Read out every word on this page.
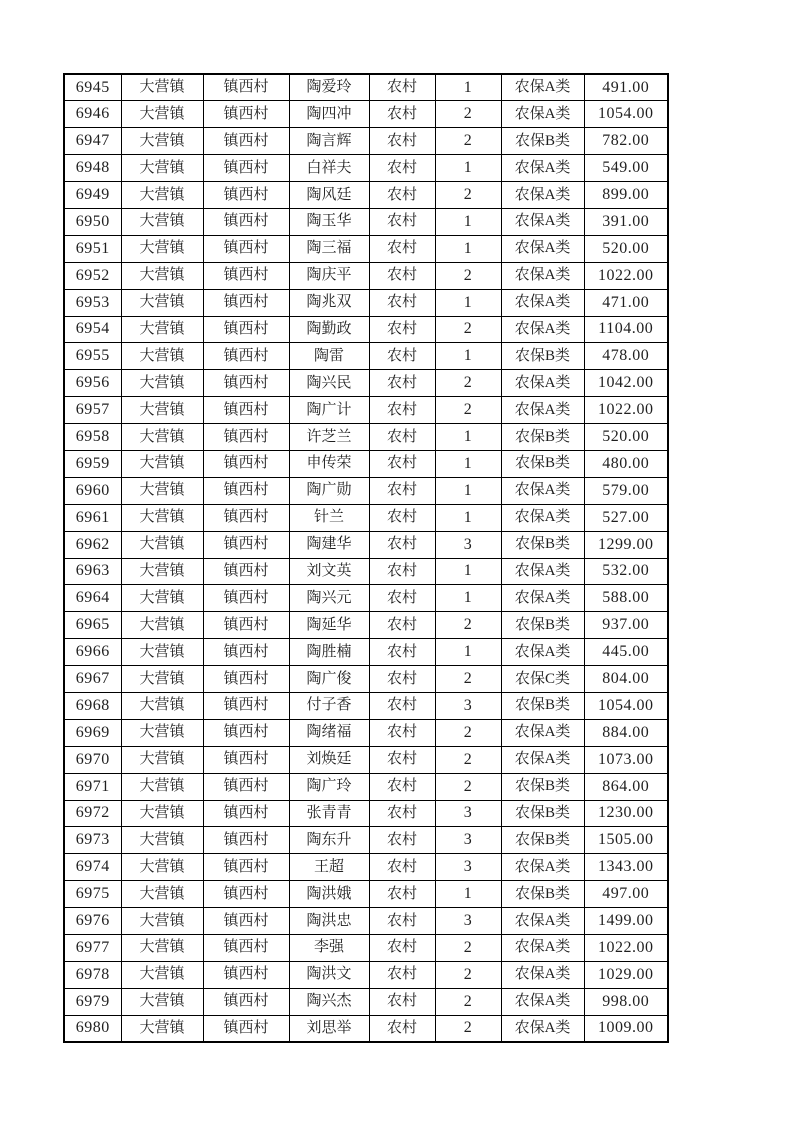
6945	大营镇	镇西村	陶爱玲	农村	1	农保A类	491.00
6946	大营镇	镇西村	陶四冲	农村	2	农保A类	1054.00
6947	大营镇	镇西村	陶言辉	农村	2	农保B类	782.00
6948	大营镇	镇西村	白祥夫	农村	1	农保A类	549.00
6949	大营镇	镇西村	陶风廷	农村	2	农保A类	899.00
6950	大营镇	镇西村	陶玉华	农村	1	农保A类	391.00
6951	大营镇	镇西村	陶三福	农村	1	农保A类	520.00
6952	大营镇	镇西村	陶庆平	农村	2	农保A类	1022.00
6953	大营镇	镇西村	陶兆双	农村	1	农保A类	471.00
6954	大营镇	镇西村	陶勤政	农村	2	农保A类	1104.00
6955	大营镇	镇西村	陶雷	农村	1	农保B类	478.00
6956	大营镇	镇西村	陶兴民	农村	2	农保A类	1042.00
6957	大营镇	镇西村	陶广计	农村	2	农保A类	1022.00
6958	大营镇	镇西村	许芝兰	农村	1	农保B类	520.00
6959	大营镇	镇西村	申传荣	农村	1	农保B类	480.00
6960	大营镇	镇西村	陶广勋	农村	1	农保A类	579.00
6961	大营镇	镇西村	针兰	农村	1	农保A类	527.00
6962	大营镇	镇西村	陶建华	农村	3	农保B类	1299.00
6963	大营镇	镇西村	刘文英	农村	1	农保A类	532.00
6964	大营镇	镇西村	陶兴元	农村	1	农保A类	588.00
6965	大营镇	镇西村	陶延华	农村	2	农保B类	937.00
6966	大营镇	镇西村	陶胜楠	农村	1	农保A类	445.00
6967	大营镇	镇西村	陶广俊	农村	2	农保C类	804.00
6968	大营镇	镇西村	付子香	农村	3	农保B类	1054.00
6969	大营镇	镇西村	陶绪福	农村	2	农保A类	884.00
6970	大营镇	镇西村	刘焕廷	农村	2	农保A类	1073.00
6971	大营镇	镇西村	陶广玲	农村	2	农保B类	864.00
6972	大营镇	镇西村	张青青	农村	3	农保B类	1230.00
6973	大营镇	镇西村	陶东升	农村	3	农保B类	1505.00
6974	大营镇	镇西村	王超	农村	3	农保A类	1343.00
6975	大营镇	镇西村	陶洪娥	农村	1	农保B类	497.00
6976	大营镇	镇西村	陶洪忠	农村	3	农保A类	1499.00
6977	大营镇	镇西村	李强	农村	2	农保A类	1022.00
6978	大营镇	镇西村	陶洪文	农村	2	农保A类	1029.00
6979	大营镇	镇西村	陶兴杰	农村	2	农保A类	998.00
6980	大营镇	镇西村	刘思举	农村	2	农保A类	1009.00
